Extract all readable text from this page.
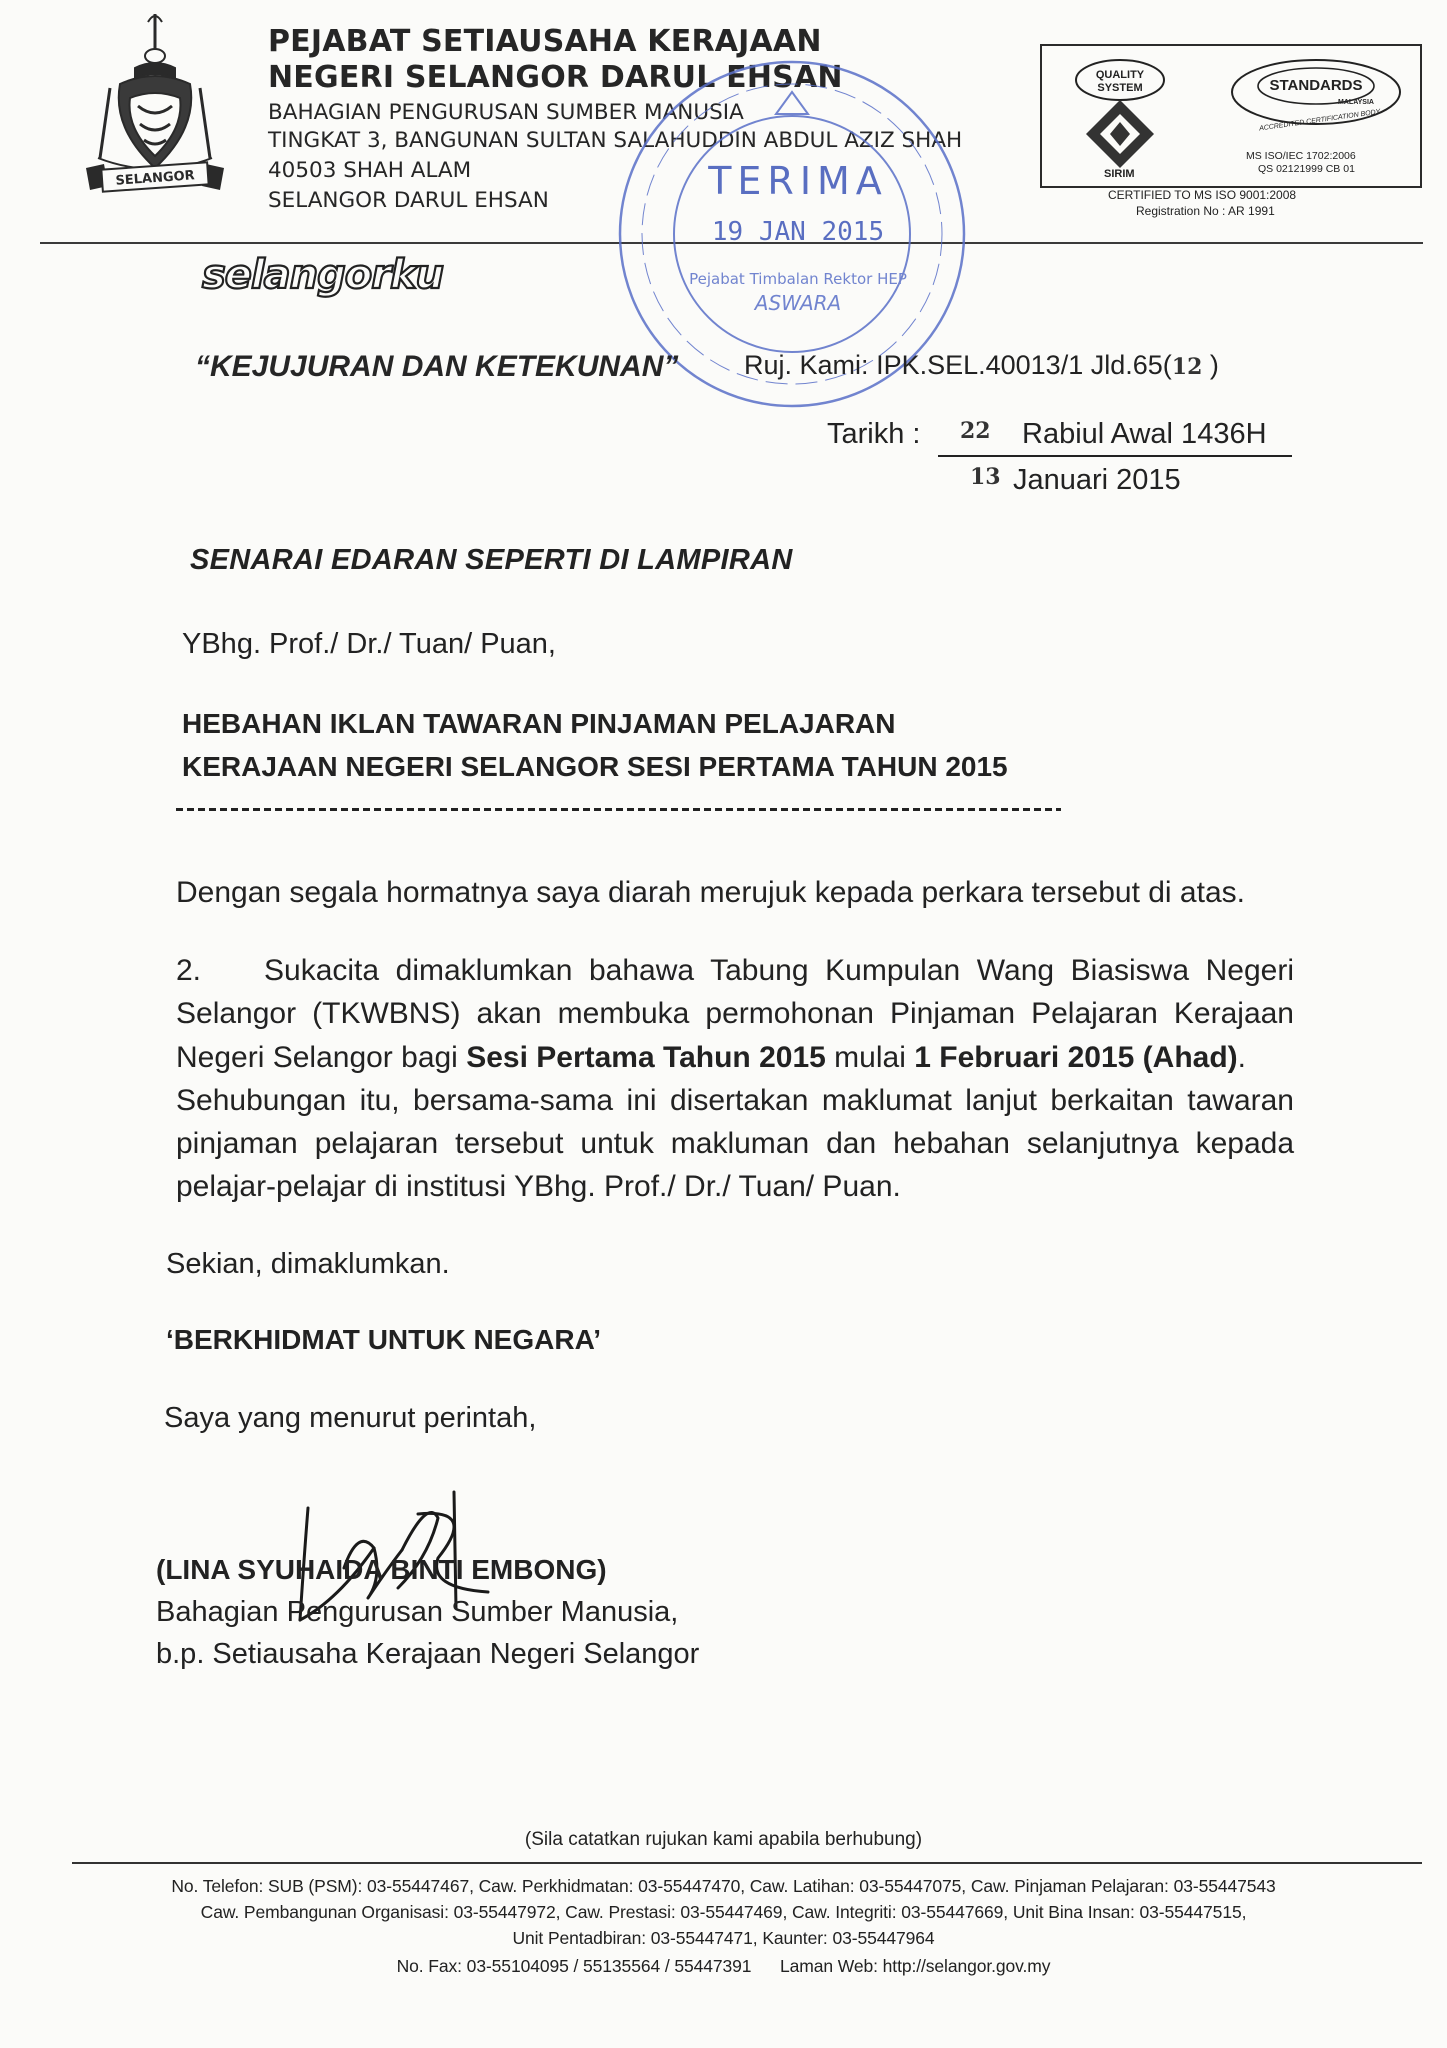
SELANGOR
PEJABAT SETIAUSAHA KERAJAAN
NEGERI SELANGOR DARUL EHSAN
BAHAGIAN PENGURUSAN SUMBER MANUSIA
TINGKAT 3, BANGUNAN SULTAN SALAHUDDIN ABDUL AZIZ SHAH
40503 SHAH ALAM
SELANGOR DARUL EHSAN
QUALITY
SYSTEM
SIRIM
STANDARDS
MALAYSIA
ACCREDITED CERTIFICATION BODY
MS ISO/IEC 1702:2006
QS 02121999 CB 01
CERTIFIED TO MS ISO 9001:2008
Registration No : AR 1991
selangorku
TERIMA
19 JAN 2015
Pejabat Timbalan Rektor HEP
ASWARA
“KEJUJURAN DAN KETEKUNAN” Ruj. Kami: IPK.SEL.40013/1 Jld.65(12 )
Tarikh : 22 Rabiul Awal 1436H
13 Januari 2015
SENARAI EDARAN SEPERTI DI LAMPIRAN
YBhg. Prof./ Dr./ Tuan/ Puan,
HEBAHAN IKLAN TAWARAN PINJAMAN PELAJARAN
KERAJAAN NEGERI SELANGOR SESI PERTAMA TAHUN 2015
Dengan segala hormatnya saya diarah merujuk kepada perkara tersebut di atas.
2. Sukacita dimaklumkan bahawa Tabung Kumpulan Wang Biasiswa Negeri
Selangor (TKWBNS) akan membuka permohonan Pinjaman Pelajaran Kerajaan
Negeri Selangor bagi Sesi Pertama Tahun 2015 mulai 1 Februari 2015 (Ahad).
Sehubungan itu, bersama-sama ini disertakan maklumat lanjut berkaitan tawaran
pinjaman pelajaran tersebut untuk makluman dan hebahan selanjutnya kepada
pelajar-pelajar di institusi YBhg. Prof./ Dr./ Tuan/ Puan.
Sekian, dimaklumkan.
‘BERKHIDMAT UNTUK NEGARA’
Saya yang menurut perintah,
(LINA SYUHAIDA BINTI EMBONG)
Bahagian Pengurusan Sumber Manusia,
b.p. Setiausaha Kerajaan Negeri Selangor
(Sila catatkan rujukan kami apabila berhubung)
No. Telefon: SUB (PSM): 03-55447467, Caw. Perkhidmatan: 03-55447470, Caw. Latihan: 03-55447075, Caw. Pinjaman Pelajaran: 03-55447543
Caw. Pembangunan Organisasi: 03-55447972, Caw. Prestasi: 03-55447469, Caw. Integriti: 03-55447669, Unit Bina Insan: 03-55447515,
Unit Pentadbiran: 03-55447471, Kaunter: 03-55447964
No. Fax: 03-55104095 / 55135564 / 55447391      Laman Web: http://selangor.gov.my
